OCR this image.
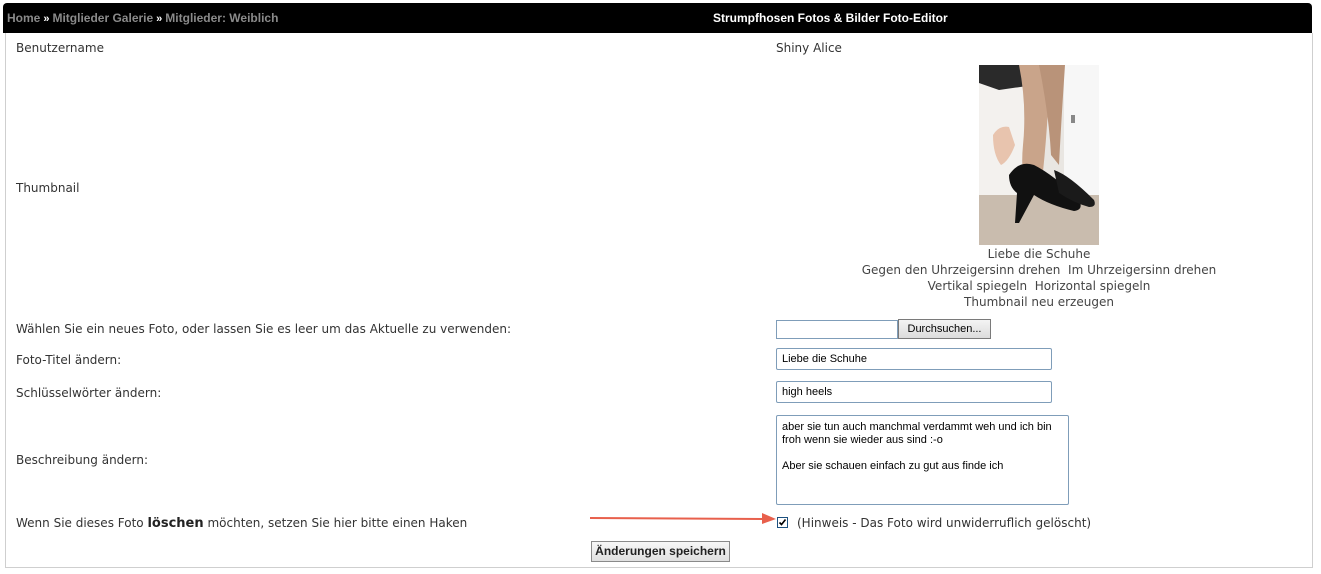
Home » Mitglieder Galerie » Mitglieder: Weiblich	Strumpfhosen Fotos & Bilder Foto-Editor
Benutzername	Shiny Alice
Thumbnail
Liebe die Schuhe
Gegen den Uhrzeigersinn drehen Im Uhrzeigersinn drehen
Vertikal spiegeln Horizontal spiegeln
Thumbnail neu erzeugen
Wählen Sie ein neues Foto, oder lassen Sie es leer um das Aktuelle zu verwenden:	Durchsuchen...
Foto-Titel ändern:	Liebe die Schuhe
Schlüsselwörter ändern:	high heels
Beschreibung ändern:
aber sie tun auch manchmal verdammt weh und ich bin
froh wenn sie wieder aus sind :-o

Aber sie schauen einfach zu gut aus finde ich
Wenn Sie dieses Foto löschen möchten, setzen Sie hier bitte einen Haken	(Hinweis - Das Foto wird unwiderruflich gelöscht)
Änderungen speichern
